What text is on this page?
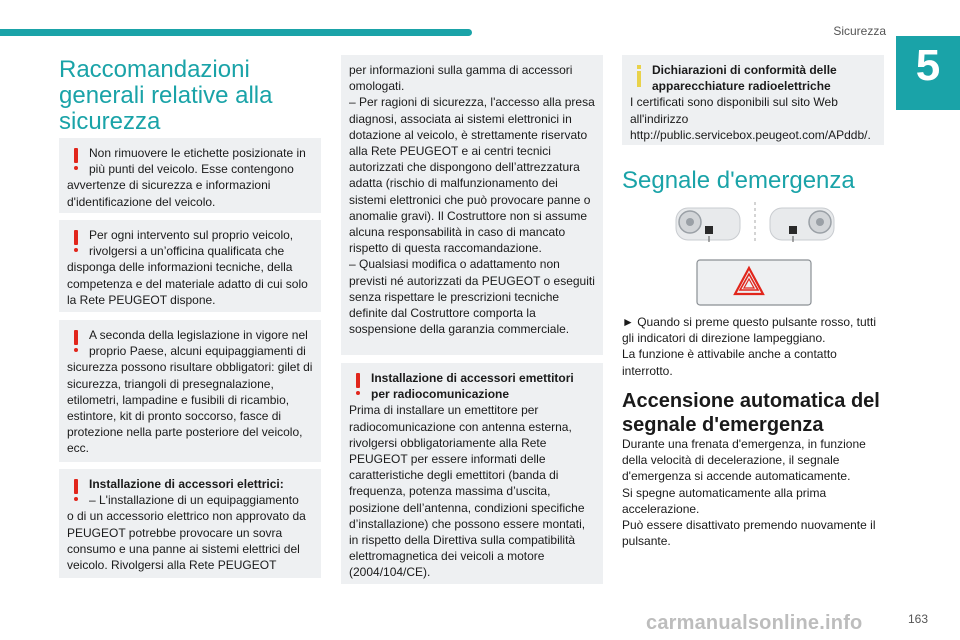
Sicurezza
5
Raccomandazioni generali relative alla sicurezza

Non rimuovere le etichette posizionate in più punti del veicolo. Esse contengono

avvertenze di sicurezza e informazioni d'identificazione del veicolo.

Per ogni intervento sul proprio veicolo, rivolgersi a un’officina qualificata che

disponga delle informazioni tecniche, della competenza e del materiale adatto di cui solo la Rete PEUGEOT dispone.

A seconda della legislazione in vigore nel proprio Paese, alcuni equipaggiamenti di

sicurezza possono risultare obbligatori: gilet di sicurezza, triangoli di presegnalazione, etilometri, lampadine e fusibili di ricambio, estintore, kit di pronto soccorso, fasce di protezione nella parte posteriore del veicolo, ecc.

Installazione di accessori elettrici:

– L'installazione di un equipaggiamento

o di un accessorio elettrico non approvato da PEUGEOT potrebbe provocare un sovra consumo e una panne ai sistemi elettrici del veicolo. Rivolgersi alla Rete PEUGEOT

per informazioni sulla gamma di accessori omologati.

– Per ragioni di sicurezza, l'accesso alla presa diagnosi, associata ai sistemi elettronici in dotazione al veicolo, è strettamente riservato alla Rete PEUGEOT e ai centri tecnici autorizzati che dispongono dell’attrezzatura adatta (rischio di malfunzionamento dei sistemi elettronici che può provocare panne o anomalie gravi). Il Costruttore non si assume alcuna responsabilità in caso di mancato rispetto di questa raccomandazione.

– Qualsiasi modifica o adattamento non previsti né autorizzati da PEUGEOT o eseguiti senza rispettare le prescrizioni tecniche definite dal Costruttore comporta la sospensione della garanzia commerciale.

Installazione di accessori emettitori per radiocomunicazione

Prima di installare un emettitore per radiocomunicazione con antenna esterna, rivolgersi obbligatoriamente alla Rete PEUGEOT per essere informati delle caratteristiche degli emettitori (banda di frequenza, potenza massima d’uscita, posizione dell’antenna, condizioni specifiche d’installazione) che possono essere montati, in rispetto della Direttiva sulla compatibilità elettromagnetica dei veicoli a motore (2004/104/CE).

Dichiarazioni di conformità delle apparecchiature radioelettriche

I certificati sono disponibili sul sito Web all'indirizzo http://public.servicebox.peugeot.com/APddb/.

Segnale d'emergenza

► Quando si preme questo pulsante rosso, tutti gli indicatori di direzione lampeggiano.

La funzione è attivabile anche a contatto interrotto.

Accensione automatica del segnale d'emergenza

Durante una frenata d'emergenza, in funzione della velocità di decelerazione, il segnale d'emergenza si accende automaticamente.

Si spegne automaticamente alla prima accelerazione.

Può essere disattivato premendo nuovamente il pulsante.

carmanualsonline.info	163
